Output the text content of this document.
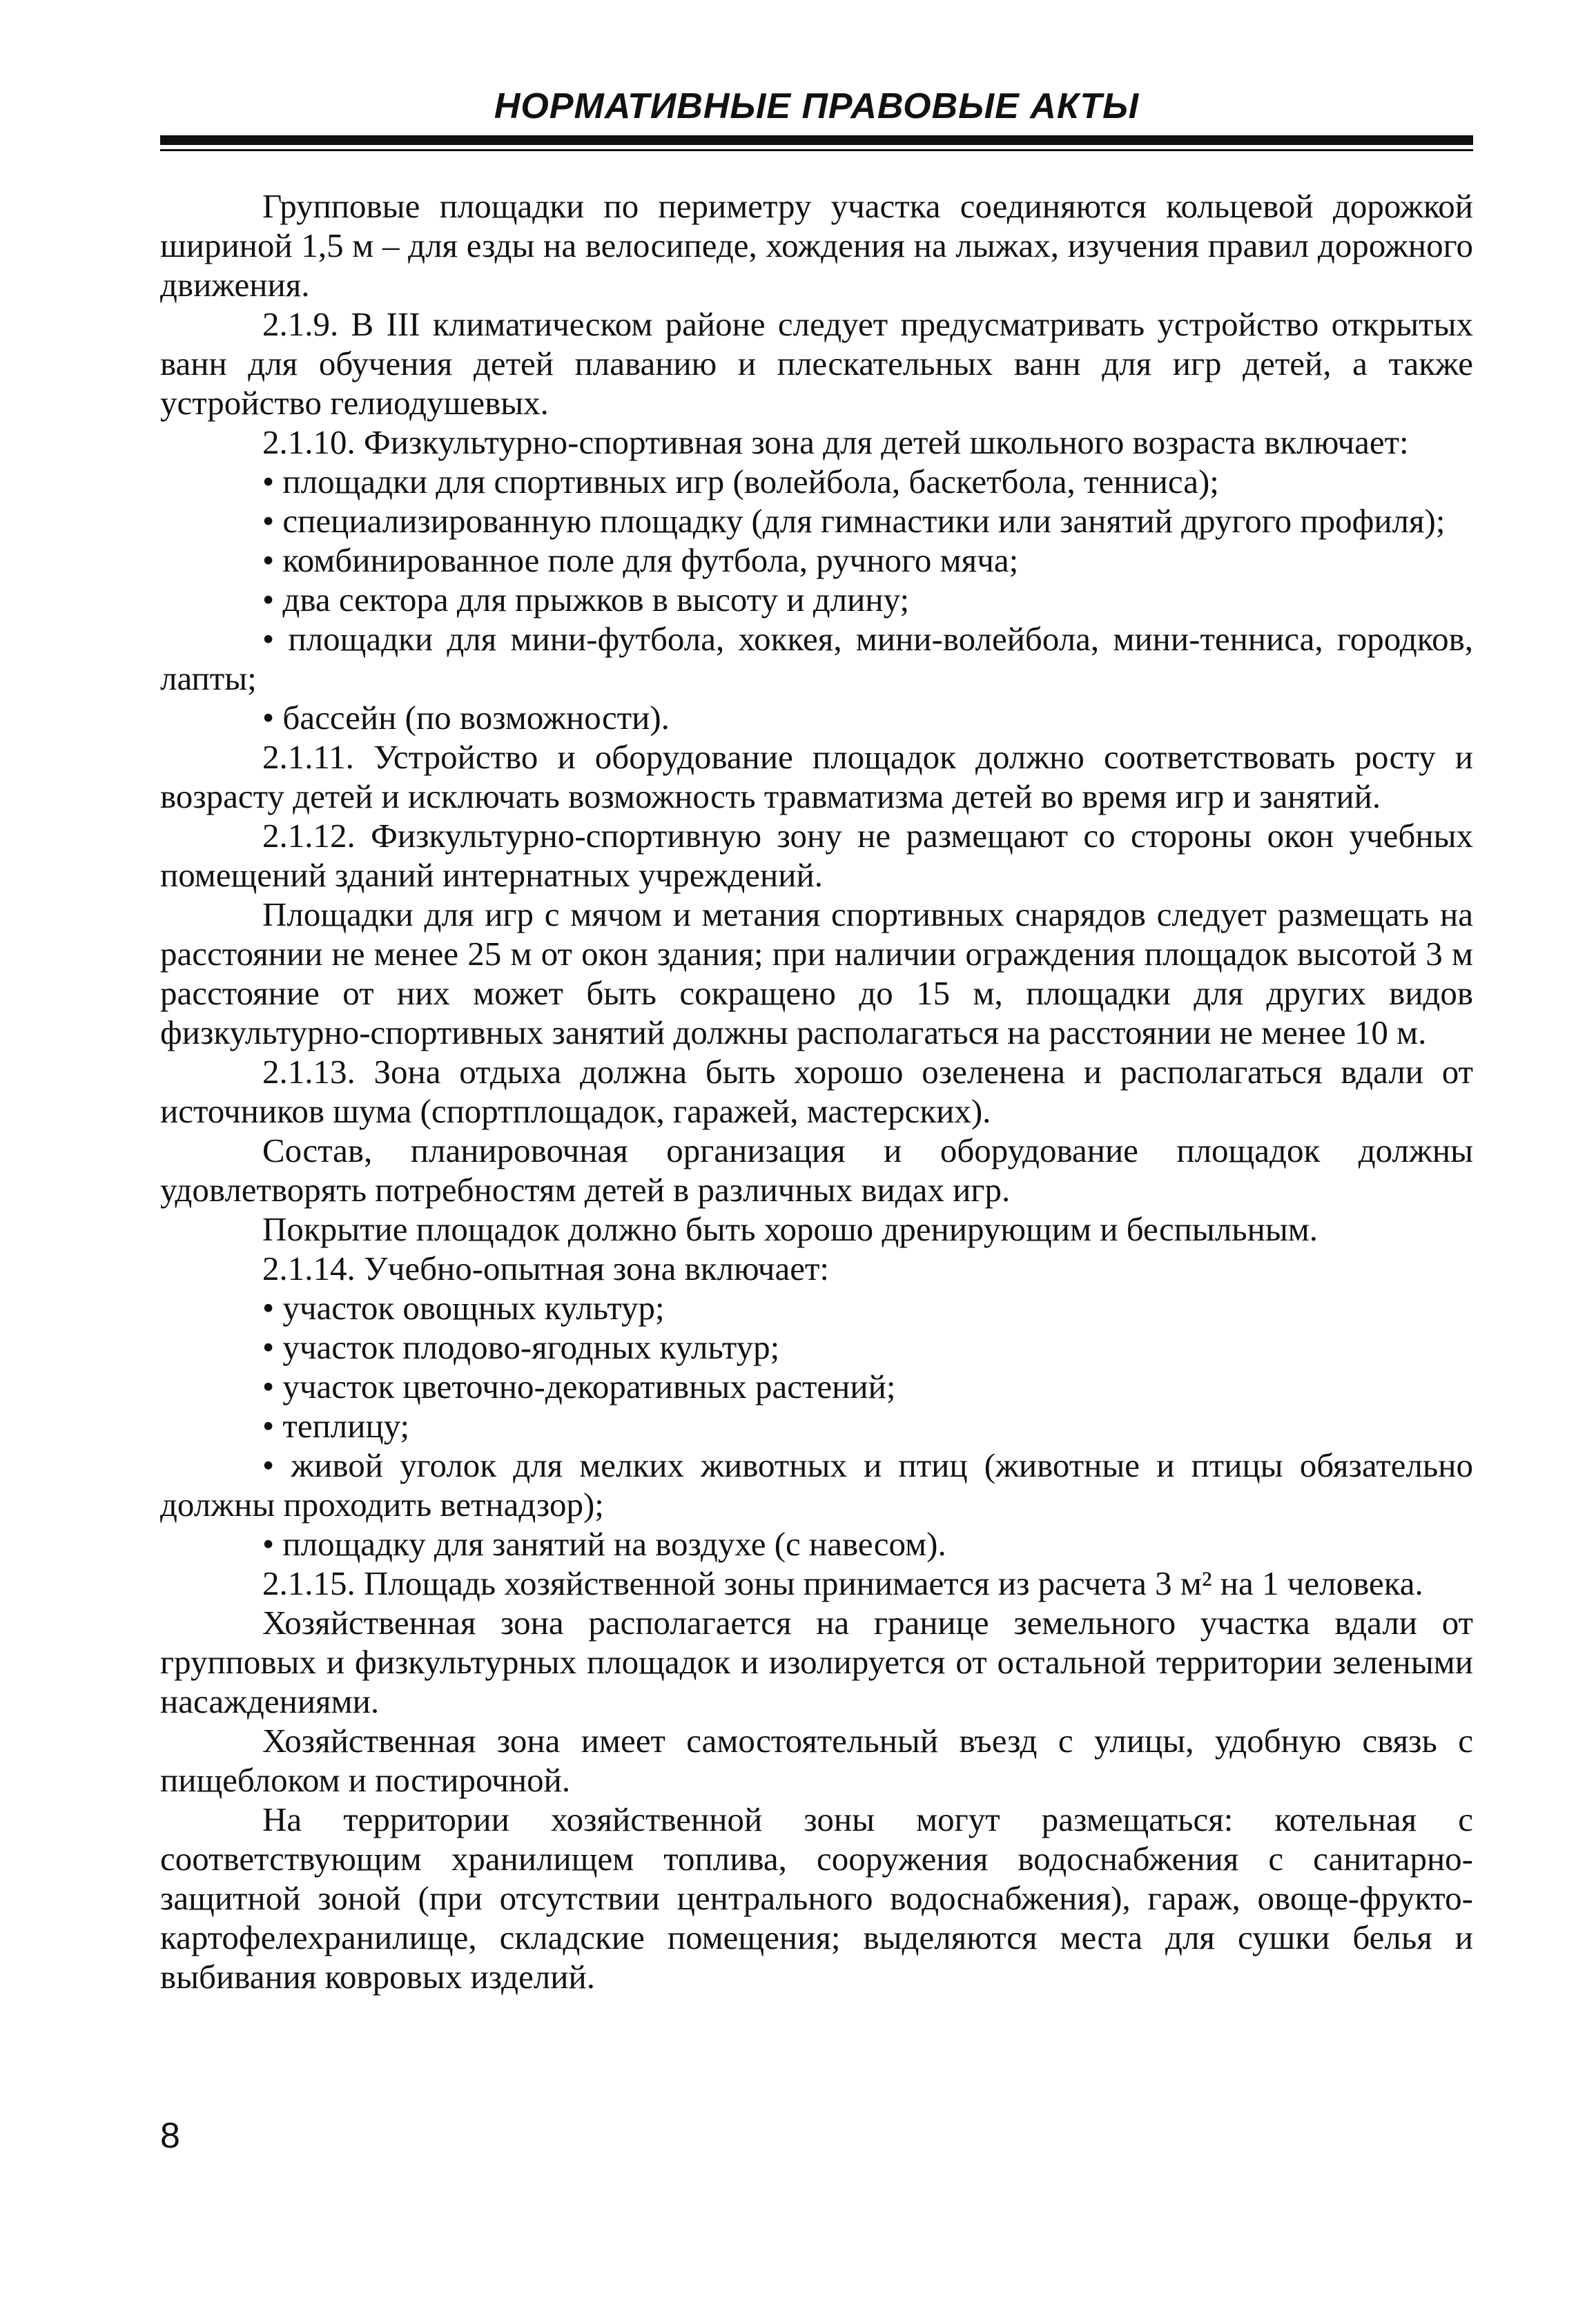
НОРМАТИВНЫЕ ПРАВОВЫЕ АКТЫ

Групповые площадки по периметру участка соединяются кольцевой дорожкой шириной 1,5 м – для езды на велосипеде, хождения на лыжах, изучения правил дорожного движения.

2.1.9. В III климатическом районе следует предусматривать устройство открытых ванн для обучения детей плаванию и плескательных ванн для игр детей, а также устройство гелиодушевых.

2.1.10. Физкультурно-спортивная зона для детей школьного возраста включает:

• площадки для спортивных игр (волейбола, баскетбола, тенниса);

• специализированную площадку (для гимнастики или занятий другого профиля);

• комбинированное поле для футбола, ручного мяча;

• два сектора для прыжков в высоту и длину;

• площадки для мини-футбола, хоккея, мини-волейбола, мини-тенниса, городков, лапты;

• бассейн (по возможности).

2.1.11. Устройство и оборудование площадок должно соответствовать росту и возрасту детей и исключать возможность травматизма детей во время игр и занятий.

2.1.12. Физкультурно-спортивную зону не размещают со стороны окон учебных помещений зданий интернатных учреждений.

Площадки для игр с мячом и метания спортивных снарядов следует размещать на расстоянии не менее 25 м от окон здания; при наличии ограждения площадок высотой 3 м расстояние от них может быть сокращено до 15 м, площадки для других видов физкультурно-спортивных занятий должны располагаться на расстоянии не менее 10 м.

2.1.13. Зона отдыха должна быть хорошо озеленена и располагаться вдали от источников шума (спортплощадок, гаражей, мастерских).

Состав, планировочная организация и оборудование площадок должны удовлетворять потребностям детей в различных видах игр.

Покрытие площадок должно быть хорошо дренирующим и беспыльным.

2.1.14. Учебно-опытная зона включает:

• участок овощных культур;

• участок плодово-ягодных культур;

• участок цветочно-декоративных растений;

• теплицу;

• живой уголок для мелких животных и птиц (животные и птицы обязательно должны проходить ветнадзор);

• площадку для занятий на воздухе (с навесом).

2.1.15. Площадь хозяйственной зоны принимается из расчета 3 м² на 1 человека.

Хозяйственная зона располагается на границе земельного участка вдали от групповых и физкультурных площадок и изолируется от остальной территории зелеными насаждениями.

Хозяйственная зона имеет самостоятельный въезд с улицы, удобную связь с пищеблоком и постирочной.

На территории хозяйственной зоны могут размещаться: котельная с соответствующим хранилищем топлива, сооружения водоснабжения с санитарно-защитной зоной (при отсутствии центрального водоснабжения), гараж, овоще-фрукто- картофелехранилище, складские помещения; выделяются места для сушки белья и выбивания ковровых изделий.

8
